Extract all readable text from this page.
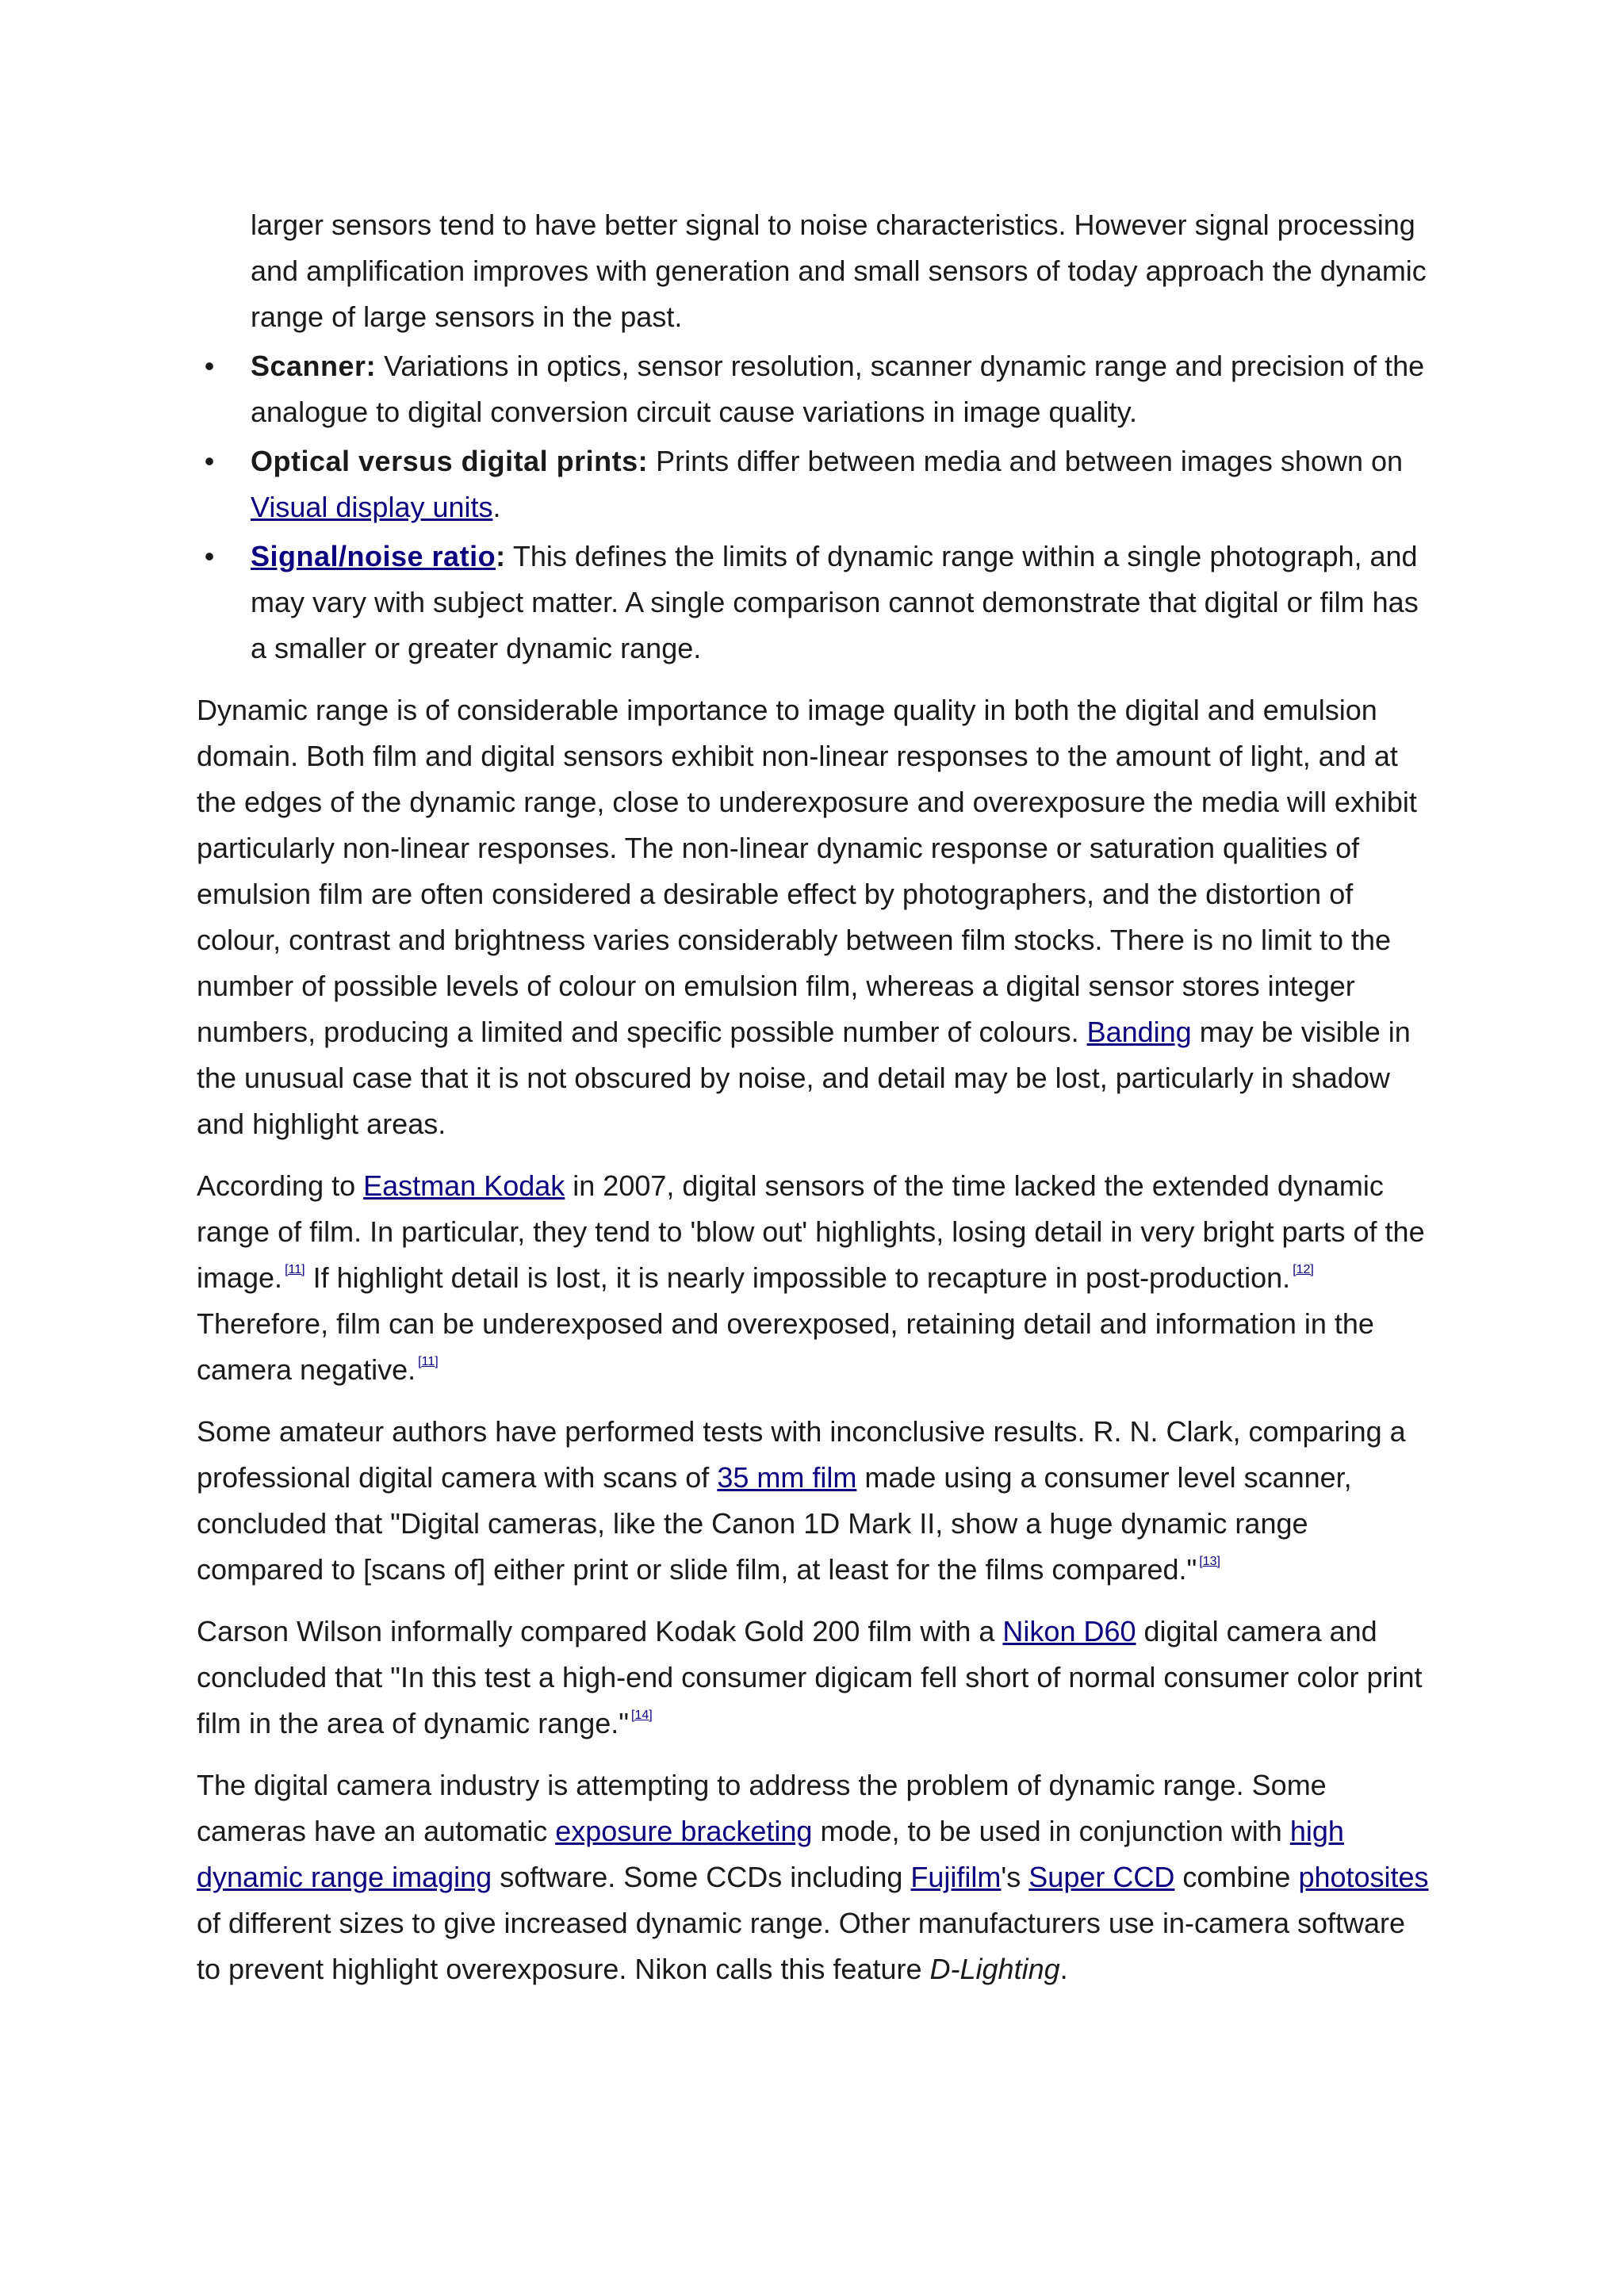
larger sensors tend to have better signal to noise characteristics. However signal processing and amplification improves with generation and small sensors of today approach the dynamic range of large sensors in the past.
• Scanner: Variations in optics, sensor resolution, scanner dynamic range and precision of the analogue to digital conversion circuit cause variations in image quality.
• Optical versus digital prints: Prints differ between media and between images shown on Visual display units.
• Signal/noise ratio: This defines the limits of dynamic range within a single photograph, and may vary with subject matter. A single comparison cannot demonstrate that digital or film has a smaller or greater dynamic range.

Dynamic range is of considerable importance to image quality in both the digital and emulsion domain. Both film and digital sensors exhibit non-linear responses to the amount of light, and at the edges of the dynamic range, close to underexposure and overexposure the media will exhibit particularly non-linear responses. The non-linear dynamic response or saturation qualities of emulsion film are often considered a desirable effect by photographers, and the distortion of colour, contrast and brightness varies considerably between film stocks. There is no limit to the number of possible levels of colour on emulsion film, whereas a digital sensor stores integer numbers, producing a limited and specific possible number of colours. Banding may be visible in the unusual case that it is not obscured by noise, and detail may be lost, particularly in shadow and highlight areas.

According to Eastman Kodak in 2007, digital sensors of the time lacked the extended dynamic range of film. In particular, they tend to 'blow out' highlights, losing detail in very bright parts of the image. [11] If highlight detail is lost, it is nearly impossible to recapture in post-production. [12] Therefore, film can be underexposed and overexposed, retaining detail and information in the camera negative. [11]

Some amateur authors have performed tests with inconclusive results. R. N. Clark, comparing a professional digital camera with scans of 35 mm film made using a consumer level scanner, concluded that "Digital cameras, like the Canon 1D Mark II, show a huge dynamic range compared to [scans of] either print or slide film, at least for the films compared." [13]

Carson Wilson informally compared Kodak Gold 200 film with a Nikon D60 digital camera and concluded that "In this test a high-end consumer digicam fell short of normal consumer color print film in the area of dynamic range." [14]

The digital camera industry is attempting to address the problem of dynamic range. Some cameras have an automatic exposure bracketing mode, to be used in conjunction with high dynamic range imaging software. Some CCDs including Fujifilm's Super CCD combine photosites of different sizes to give increased dynamic range. Other manufacturers use in-camera software to prevent highlight overexposure. Nikon calls this feature D-Lighting.
